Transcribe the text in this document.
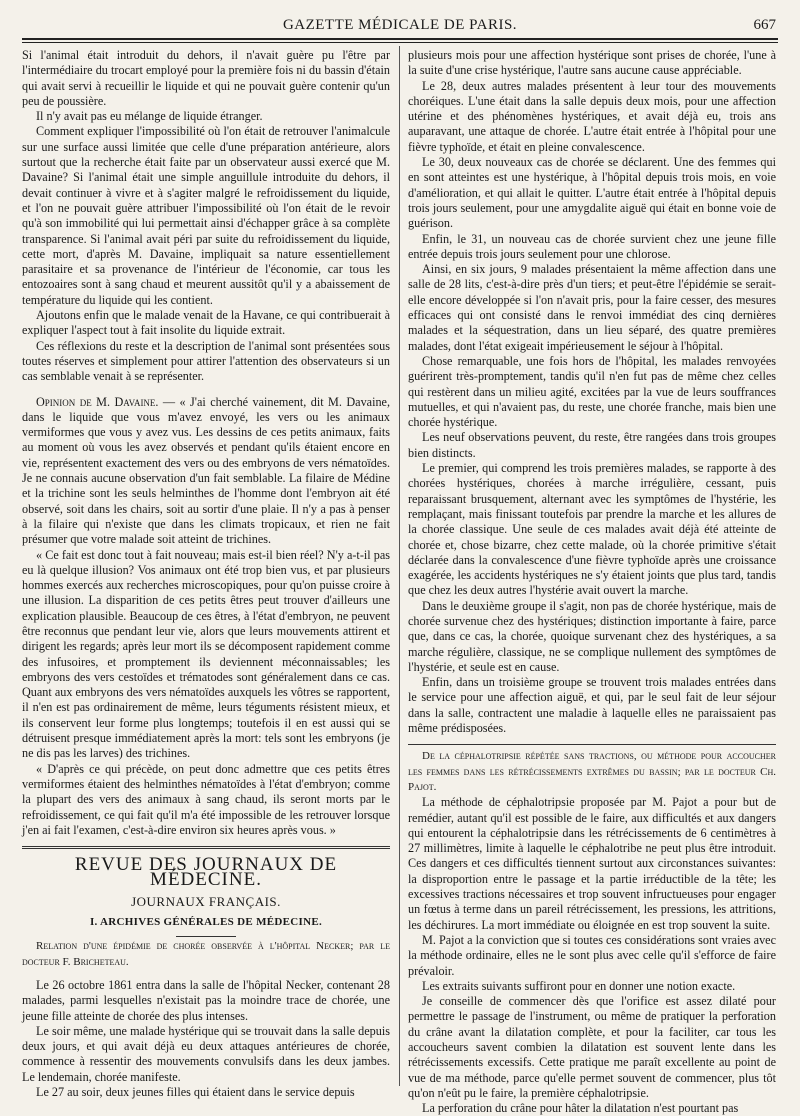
GAZETTE MÉDICALE DE PARIS.	667

Si l'animal était introduit du dehors, il n'avait guère pu l'être par l'intermédiaire du trocart employé pour la première fois ni du bassin d'étain qui avait servi à recueillir le liquide et qui ne pouvait guère contenir qu'un peu de poussière.

Il n'y avait pas eu mélange de liquide étranger.

Comment expliquer l'impossibilité où l'on était de retrouver l'animalcule sur une surface aussi limitée que celle d'une préparation antérieure, alors surtout que la recherche était faite par un observateur aussi exercé que M. Davaine? Si l'animal était une simple anguillule introduite du dehors, il devait continuer à vivre et à s'agiter malgré le refroidissement du liquide, et l'on ne pouvait guère attribuer l'impossibilité où l'on était de le revoir qu'à son immobilité qui lui permettait ainsi d'échapper grâce à sa complète transparence. Si l'animal avait péri par suite du refroidissement du liquide, cette mort, d'après M. Davaine, impliquait sa nature essentiellement parasitaire et sa provenance de l'intérieur de l'économie, car tous les entozoaires sont à sang chaud et meurent aussitôt qu'il y a abaissement de température du liquide qui les contient.

Ajoutons enfin que le malade venait de la Havane, ce qui contribuerait à expliquer l'aspect tout à fait insolite du liquide extrait.

Ces réflexions du reste et la description de l'animal sont présentées sous toutes réserves et simplement pour attirer l'attention des observateurs si un cas semblable venait à se représenter.

Opinion de M. Davaine. — « J'ai cherché vainement, dit M. Davaine, dans le liquide que vous m'avez envoyé, les vers ou les animaux vermiformes que vous y avez vus. Les dessins de ces petits animaux, faits au moment où vous les avez observés et pendant qu'ils étaient encore en vie, représentent exactement des vers ou des embryons de vers nématoïdes. Je ne connais aucune observation d'un fait semblable. La filaire de Médine et la trichine sont les seuls helminthes de l'homme dont l'embryon ait été observé, soit dans les chairs, soit au sortir d'une plaie. Il n'y a pas à penser à la filaire qui n'existe que dans les climats tropicaux, et rien ne fait présumer que votre malade soit atteint de trichines.

« Ce fait est donc tout à fait nouveau; mais est-il bien réel? N'y a-t-il pas eu là quelque illusion? Vos animaux ont été trop bien vus, et par plusieurs hommes exercés aux recherches microscopiques, pour qu'on puisse croire à une illusion. La disparition de ces petits êtres peut trouver d'ailleurs une explication plausible. Beaucoup de ces êtres, à l'état d'embryon, ne peuvent être reconnus que pendant leur vie, alors que leurs mouvements attirent et dirigent les regards; après leur mort ils se décomposent rapidement comme des infusoires, et promptement ils deviennent méconnaissables; les embryons des vers cestoïdes et trématodes sont généralement dans ce cas. Quant aux embryons des vers nématoïdes auxquels les vôtres se rapportent, il n'en est pas ordinairement de même, leurs téguments résistent mieux, et ils conservent leur forme plus longtemps; toutefois il en est aussi qui se détruisent presque immédiatement après la mort: tels sont les embryons (je ne dis pas les larves) des trichines.

« D'après ce qui précède, on peut donc admettre que ces petits êtres vermiformes étaient des helminthes nématoïdes à l'état d'embryon; comme la plupart des vers des animaux à sang chaud, ils seront morts par le refroidissement, ce qui fait qu'il m'a été impossible de les retrouver lorsque j'en ai fait l'examen, c'est-à-dire environ six heures après vous. »

REVUE DES JOURNAUX DE MÉDECINE.
JOURNAUX FRANÇAIS.
I. ARCHIVES GÉNÉRALES DE MÉDECINE.

Relation d'une épidémie de chorée observée à l'hôpital Necker; par le docteur F. Bricheteau.

Le 26 octobre 1861 entra dans la salle de l'hôpital Necker, contenant 28 malades, parmi lesquelles n'existait pas la moindre trace de chorée, une jeune fille atteinte de chorée des plus intenses.

Le soir même, une malade hystérique qui se trouvait dans la salle depuis deux jours, et qui avait déjà eu deux attaques antérieures de chorée, commence à ressentir des mouvements convulsifs dans les deux jambes. Le lendemain, chorée manifeste.

Le 27 au soir, deux jeunes filles qui étaient dans le service depuis

plusieurs mois pour une affection hystérique sont prises de chorée, l'une à la suite d'une crise hystérique, l'autre sans aucune cause appréciable.

Le 28, deux autres malades présentent à leur tour des mouvements choréiques. L'une était dans la salle depuis deux mois, pour une affection utérine et des phénomènes hystériques, et avait déjà eu, trois ans auparavant, une attaque de chorée. L'autre était entrée à l'hôpital pour une fièvre typhoïde, et était en pleine convalescence.

Le 30, deux nouveaux cas de chorée se déclarent. Une des femmes qui en sont atteintes est une hystérique, à l'hôpital depuis trois mois, en voie d'amélioration, et qui allait le quitter. L'autre était entrée à l'hôpital depuis trois jours seulement, pour une amygdalite aiguë qui était en bonne voie de guérison.

Enfin, le 31, un nouveau cas de chorée survient chez une jeune fille entrée depuis trois jours seulement pour une chlorose.

Ainsi, en six jours, 9 malades présentaient la même affection dans une salle de 28 lits, c'est-à-dire près d'un tiers; et peut-être l'épidémie se serait-elle encore développée si l'on n'avait pris, pour la faire cesser, des mesures efficaces qui ont consisté dans le renvoi immédiat des cinq dernières malades et la séquestration, dans un lieu séparé, des quatre premières malades, dont l'état exigeait impérieusement le séjour à l'hôpital.

Chose remarquable, une fois hors de l'hôpital, les malades renvoyées guérirent très-promptement, tandis qu'il n'en fut pas de même chez celles qui restèrent dans un milieu agité, excitées par la vue de leurs souffrances mutuelles, et qui n'avaient pas, du reste, une chorée franche, mais bien une chorée hystérique.

Les neuf observations peuvent, du reste, être rangées dans trois groupes bien distincts.

Le premier, qui comprend les trois premières malades, se rapporte à des chorées hystériques, chorées à marche irrégulière, cessant, puis reparaissant brusquement, alternant avec les symptômes de l'hystérie, les remplaçant, mais finissant toutefois par prendre la marche et les allures de la chorée classique. Une seule de ces malades avait déjà été atteinte de chorée et, chose bizarre, chez cette malade, où la chorée primitive s'était déclarée dans la convalescence d'une fièvre typhoïde après une croissance exagérée, les accidents hystériques ne s'y étaient joints que plus tard, tandis que chez les deux autres l'hystérie avait ouvert la marche.

Dans le deuxième groupe il s'agit, non pas de chorée hystérique, mais de chorée survenue chez des hystériques; distinction importante à faire, parce que, dans ce cas, la chorée, quoique survenant chez des hystériques, a sa marche régulière, classique, ne se complique nullement des symptômes de l'hystérie, et seule est en cause.

Enfin, dans un troisième groupe se trouvent trois malades entrées dans le service pour une affection aiguë, et qui, par le seul fait de leur séjour dans la salle, contractent une maladie à laquelle elles ne paraissaient pas même prédisposées.

De la céphalotripsie répétée sans tractions, ou méthode pour accoucher les femmes dans les rétrécissements extrêmes du bassin; par le docteur Ch. Pajot.

La méthode de céphalotripsie proposée par M. Pajot a pour but de remédier, autant qu'il est possible de le faire, aux difficultés et aux dangers qui entourent la céphalotripsie dans les rétrécissements de 6 centimètres à 27 millimètres, limite à laquelle le céphalotribe ne peut plus être introduit. Ces dangers et ces difficultés tiennent surtout aux circonstances suivantes: la disproportion entre le passage et la partie irréductible de la tête; les excessives tractions nécessaires et trop souvent infructueuses pour engager un fœtus à terme dans un pareil rétrécissement, les pressions, les attritions, les déchirures. La mort immédiate ou éloignée en est trop souvent la suite.

M. Pajot a la conviction que si toutes ces considérations sont vraies avec la méthode ordinaire, elles ne le sont plus avec celle qu'il s'efforce de faire prévaloir.

Les extraits suivants suffiront pour en donner une notion exacte.

Je conseille de commencer dès que l'orifice est assez dilaté pour permettre le passage de l'instrument, ou même de pratiquer la perforation du crâne avant la dilatation complète, et pour la faciliter, car tous les accoucheurs savent combien la dilatation est souvent lente dans les rétrécissements excessifs. Cette pratique me paraît excellente au point de vue de ma méthode, parce qu'elle permet souvent de commencer, plus tôt qu'on n'eût pu le faire, la première céphalotripsie.

La perforation du crâne pour hâter la dilatation n'est pourtant pas
